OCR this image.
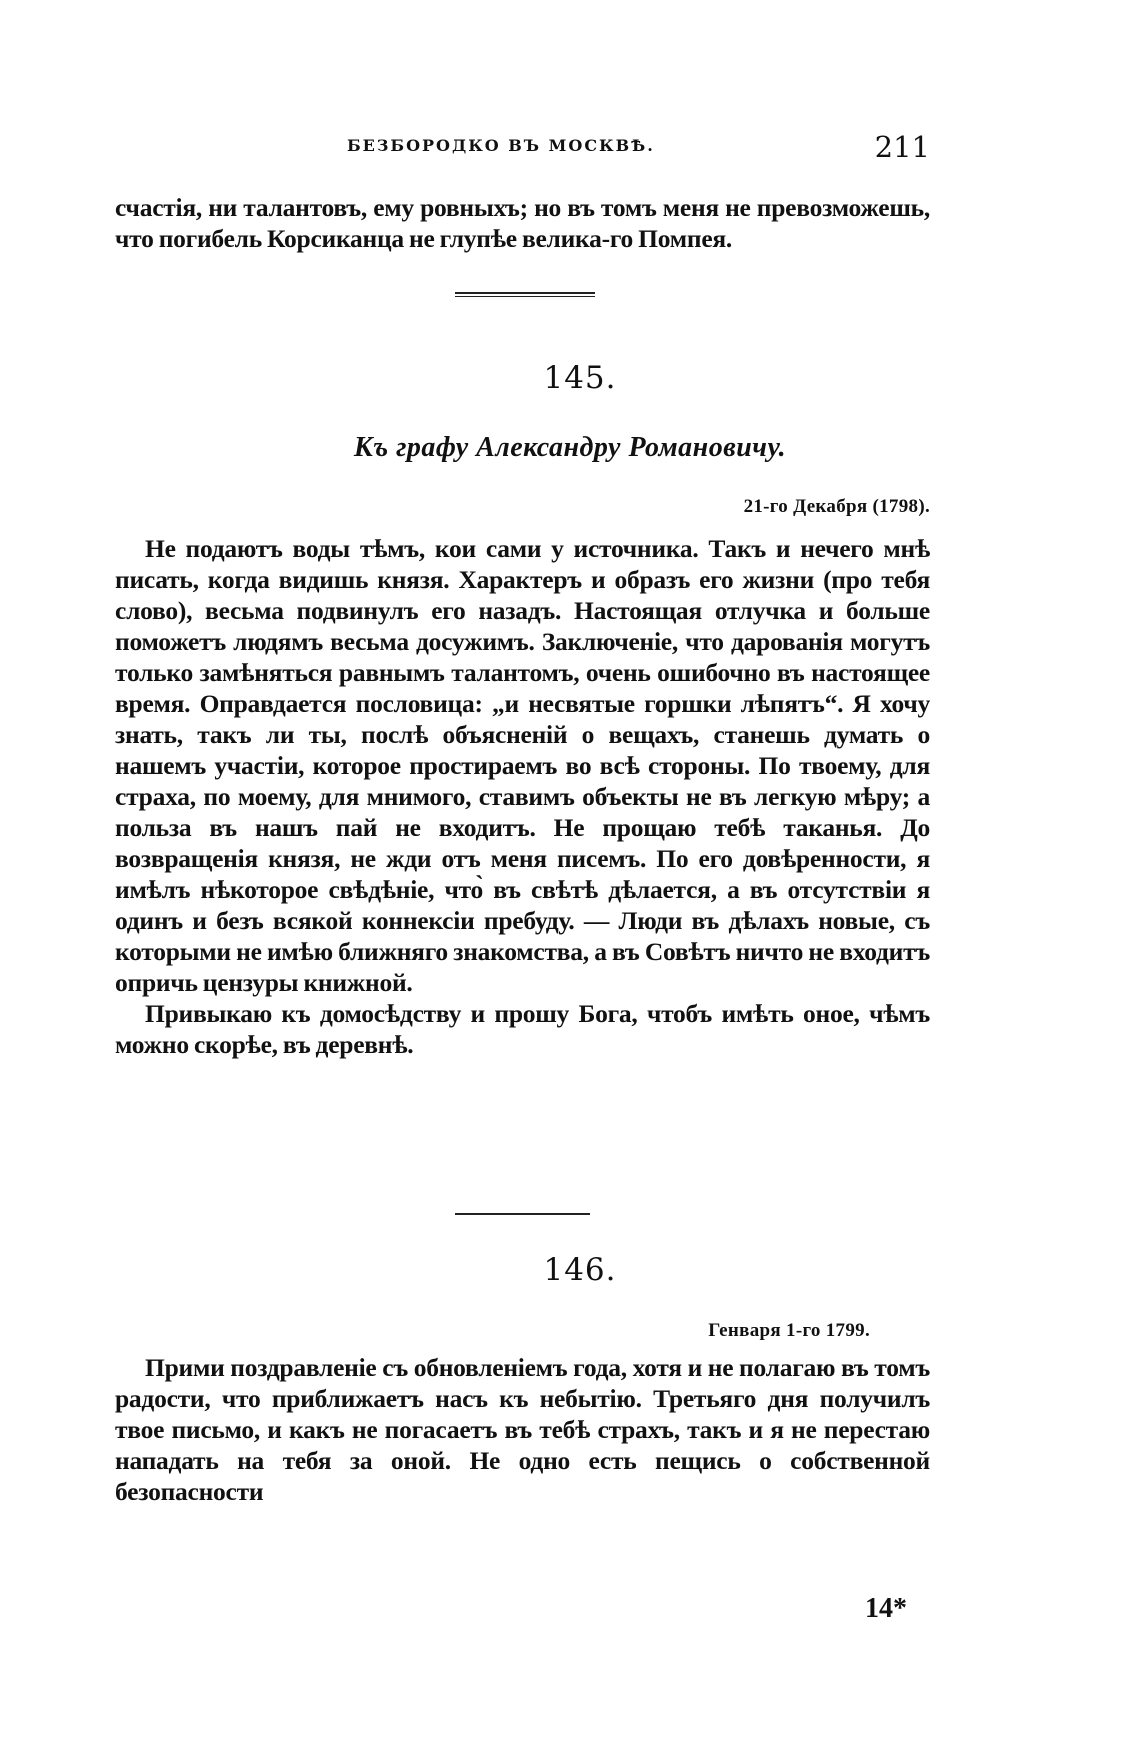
БЕЗБОРОДКО ВЪ МОСКВѢ.	211

счастія, ни талантовъ, ему ровныхъ; но въ томъ меня не превозможешь, что погибель Корсиканца не глупѣе велика-го Помпея.

145.
Къ графу Александру Романовичу.
21-го Декабря (1798).

Не подаютъ воды тѣмъ, кои сами у источника. Такъ и нечего мнѣ писать, когда видишь князя. Характеръ и образъ его жизни (про тебя слово), весьма подвинулъ его назадъ. Настоящая отлучка и больше поможетъ людямъ весьма досужимъ. Заключеніе, что дарованія могутъ только замѣняться равнымъ талантомъ, очень ошибочно въ настоящее время. Оправдается пословица: „и несвятые горшки лѣпятъ“. Я хочу знать, такъ ли ты, послѣ объясненій о вещахъ, станешь думать о нашемъ участіи, которое простираемъ во всѣ стороны. По твоему, для страха, по моему, для мнимого, ставимъ объекты не въ легкую мѣру; а польза въ нашъ пай не входитъ. Не прощаю тебѣ таканья. До возвращенія князя, не жди отъ меня писемъ. По его довѣренности, я имѣлъ нѣкоторое свѣдѣніе, что̀ въ свѣтѣ дѣлается, а въ отсутствіи я одинъ и безъ всякой коннексіи пребуду. — Люди въ дѣлахъ новые, съ которыми не имѣю ближняго знакомства, а въ Совѣтъ ничто не входитъ опричь цензуры книжной.

Привыкаю къ домосѣдству и прошу Бога, чтобъ имѣть оное, чѣмъ можно скорѣе, въ деревнѣ.

146.
Генваря 1-го 1799.

Прими поздравленіе съ обновленіемъ года, хотя и не полагаю въ томъ радости, что приближаетъ насъ къ небытію. Третьяго дня получилъ твое письмо, и какъ не погасаетъ въ тебѣ страхъ, такъ и я не перестаю нападать на тебя за оной. Не одно есть пещись о собственной безопасности

14*
